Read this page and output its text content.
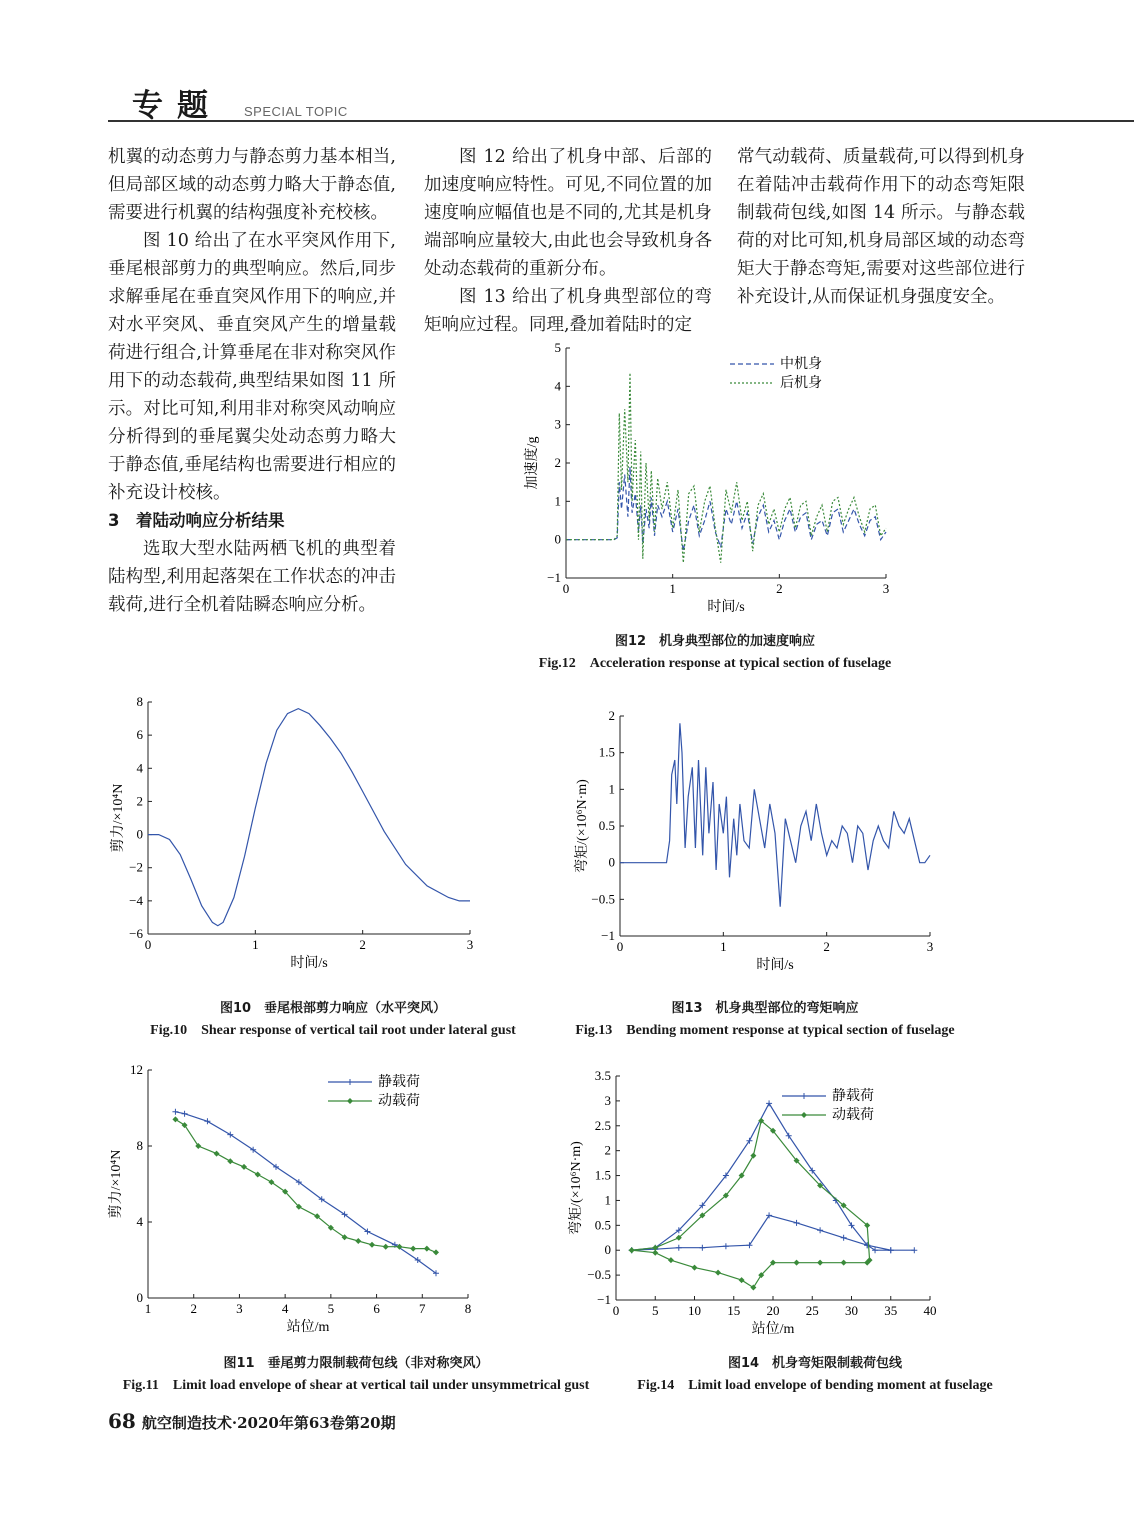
专题 SPECIAL TOPIC

机翼的动态剪力与静态剪力基本相当,但局部区域的动态剪力略大于静态值,需要进行机翼的结构强度补充校核。

图 10 给出了在水平突风作用下,垂尾根部剪力的典型响应。然后,同步求解垂尾在垂直突风作用下的响应,并对水平突风、垂直突风产生的增量载荷进行组合,计算垂尾在非对称突风作用下的动态载荷,典型结果如图 11 所示。对比可知,利用非对称突风动响应分析得到的垂尾翼尖处动态剪力略大于静态值,垂尾结构也需要进行相应的补充设计校核。

3　着陆动响应分析结果

选取大型水陆两栖飞机的典型着陆构型,利用起落架在工作状态的冲击载荷,进行全机着陆瞬态响应分析。

图 12 给出了机身中部、后部的加速度响应特性。可见,不同位置的加速度响应幅值也是不同的,尤其是机身端部响应量较大,由此也会导致机身各处动态载荷的重新分布。

图 13 给出了机身典型部位的弯矩响应过程。同理,叠加着陆时的定

常气动载荷、质量载荷,可以得到机身在着陆冲击载荷作用下的动态弯矩限制载荷包线,如图 14 所示。与静态载荷的对比可知,机身局部区域的动态弯矩大于静态弯矩,需要对这些部位进行补充设计,从而保证机身强度安全。

0	1	2	3
−1
0
1
2
3
4
5
时间/s
加速度/g
中机身
后机身
图12　机身典型部位的加速度响应
Fig.12　Acceleration response at typical section of fuselage
0	1	2	3
−6
−4
−2
0
2
4
6
8
时间/s
剪力/×10⁴N
图10　垂尾根部剪力响应（水平突风）
Fig.10　Shear response of vertical tail root under lateral gust
0	1	2	3
−1
−0.5
0
0.5
1
1.5
2
时间/s
弯矩/(×10⁶N·m)
图13　机身典型部位的弯矩响应
Fig.13　Bending moment response at typical section of fuselage
1	2	3	4	5	6	7	8
0
4
8
12
站位/m
剪力/×10⁴N
静载荷
动载荷
图11　垂尾剪力限制载荷包线（非对称突风）
Fig.11　Limit load envelope of shear at vertical tail under unsymmetrical gust
0	5 10 15 20 25 30 35 40
−1
−0.5
0
0.5
1
1.5
2
2.5
3
3.5
站位/m
弯矩/(×10⁶N·m)
静载荷
动载荷
图14　机身弯矩限制载荷包线
Fig.14　Limit load envelope of bending moment at fuselage
68 航空制造技术·2020年第63卷第20期
